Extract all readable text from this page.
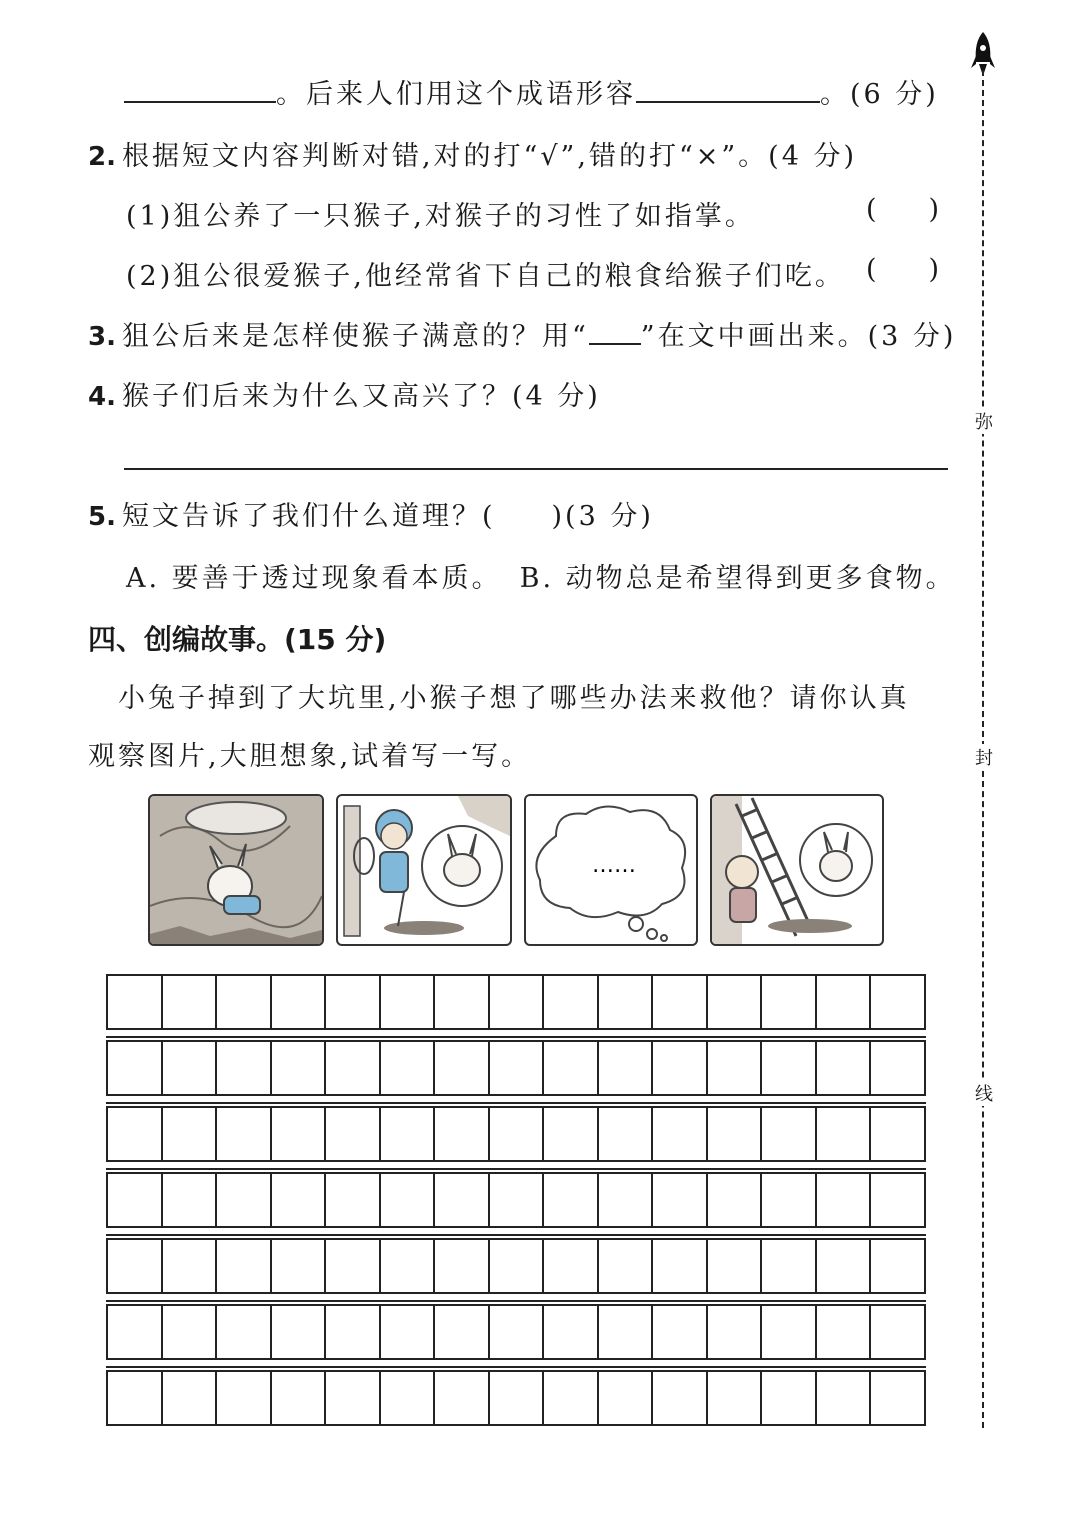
。后来人们用这个成语形容	。(6 分)
2. 根据短文内容判断对错,对的打“√”,错的打“×”。(4 分)
(1)狙公养了一只猴子,对猴子的习性了如指掌。	( )
(2)狙公很爱猴子,他经常省下自己的粮食给猴子们吃。 ( )
3. 狙公后来是怎样使猴子满意的？用“ ”在文中画出来。(3 分)
4. 猴子们后来为什么又高兴了？(4 分)
5. 短文告诉了我们什么道理？( )(3 分)
A. 要善于透过现象看本质。 B. 动物总是希望得到更多食物。
四、创编故事。(15 分)
小兔子掉到了大坑里,小猴子想了哪些办法来救他？请你认真
观察图片,大胆想象,试着写一写。
……
弥
封
线
